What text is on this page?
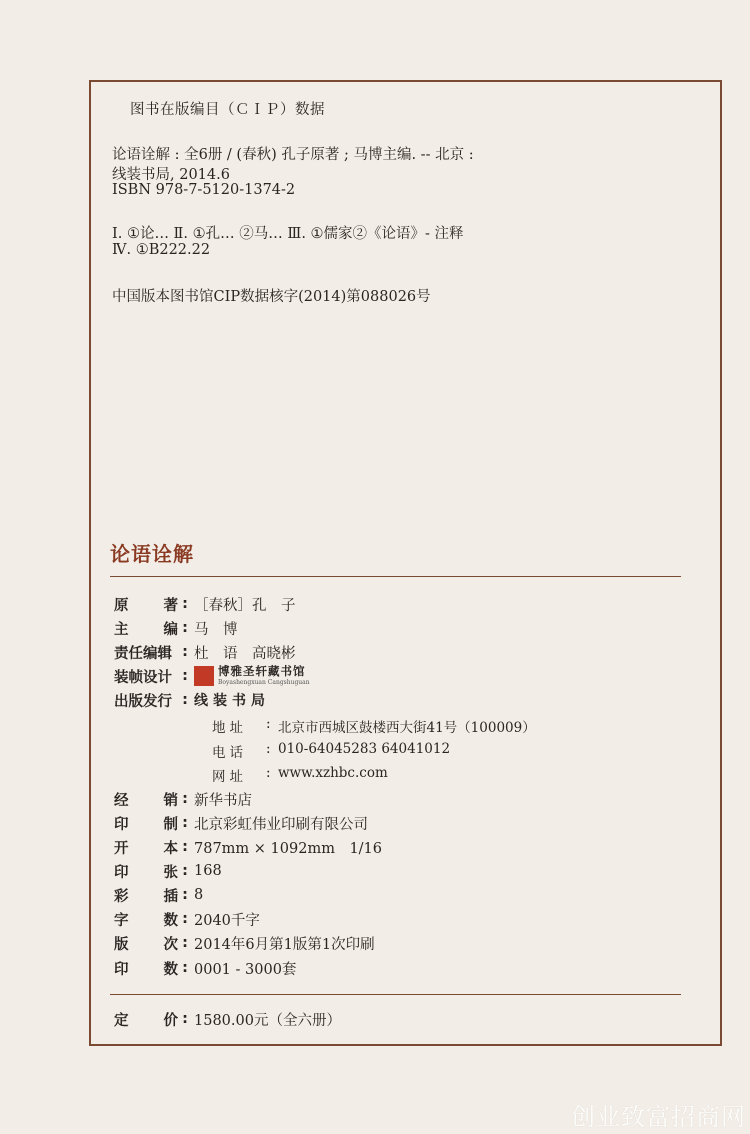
图书在版编目（ＣＩＰ）数据
论语诠解 : 全6册 / (春秋) 孔子原著 ; 马博主编. -- 北京 :
线装书局, 2014.6
ISBN 978-7-5120-1374-2
Ⅰ. ①论… Ⅱ. ①孔… ②马… Ⅲ. ①儒家②《论语》- 注释
Ⅳ. ①B222.22
中国版本图书馆CIP数据核字(2014)第088026号
论语诠解
原 著 : ［春秋］孔　子
主 编 : 马　博
责任编辑 : 杜　语　高晓彬
装帧设计 :	博雅圣轩藏书馆
Boyashengxuan Cangshuguan
出版发行 : 线装书局
地址	: 北京市西城区鼓楼西大街41号（100009）
电话	: 010-64045283 64041012
网址	: www.xzhbc.com
经 销 : 新华书店
印 制 : 北京彩虹伟业印刷有限公司
开 本 : 787mm × 1092mm　1/16
印 张 : 168
彩 插 : 8
字 数 : 2040千字
版 次 : 2014年6月第1版第1次印刷
印 数 : 0001 - 3000套
定 价 : 1580.00元（全六册）
创业致富招商网
